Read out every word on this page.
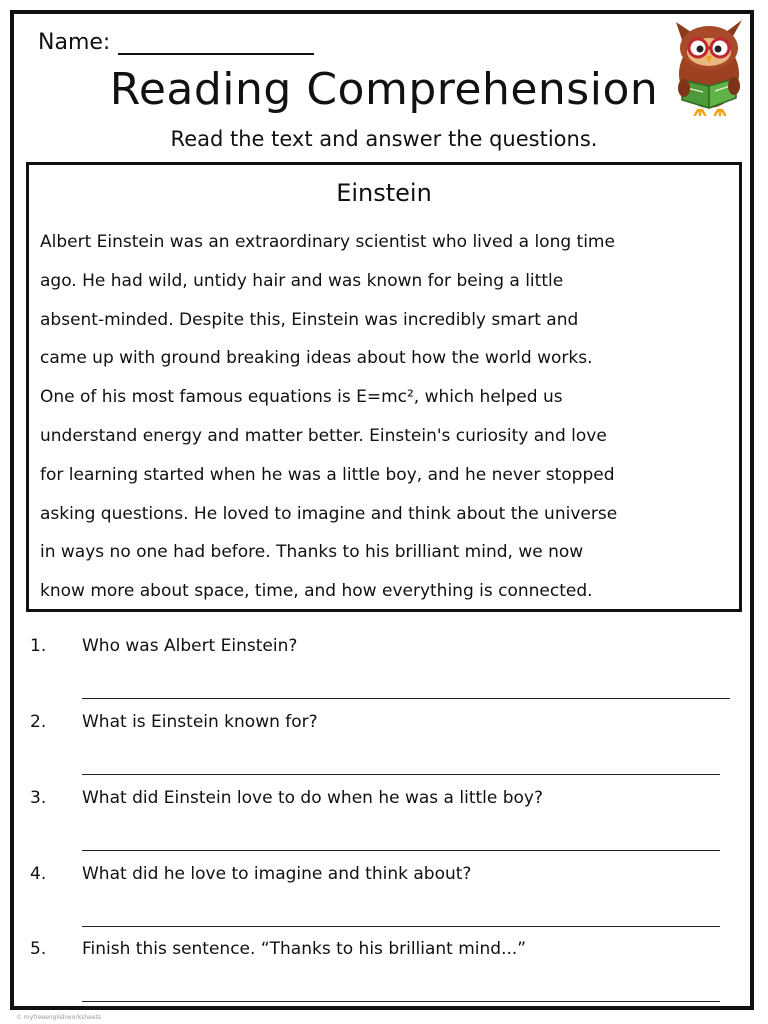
Name:
Reading Comprehension
Read the text and answer the questions.
Einstein
Albert Einstein was an extraordinary scientist who lived a long time
ago. He had wild, untidy hair and was known for being a little
absent-minded. Despite this, Einstein was incredibly smart and
came up with ground breaking ideas about how the world works.
One of his most famous equations is E=mc², which helped us
understand energy and matter better. Einstein's curiosity and love
for learning started when he was a little boy, and he never stopped
asking questions. He loved to imagine and think about the universe
in ways no one had before. Thanks to his brilliant mind, we now
know more about space, time, and how everything is connected.
1. Who was Albert Einstein?
2. What is Einstein known for?
3. What did Einstein love to do when he was a little boy?
4. What did he love to imagine and think about?
5. Finish this sentence. “Thanks to his brilliant mind...”
© myfreeenglishworksheets
